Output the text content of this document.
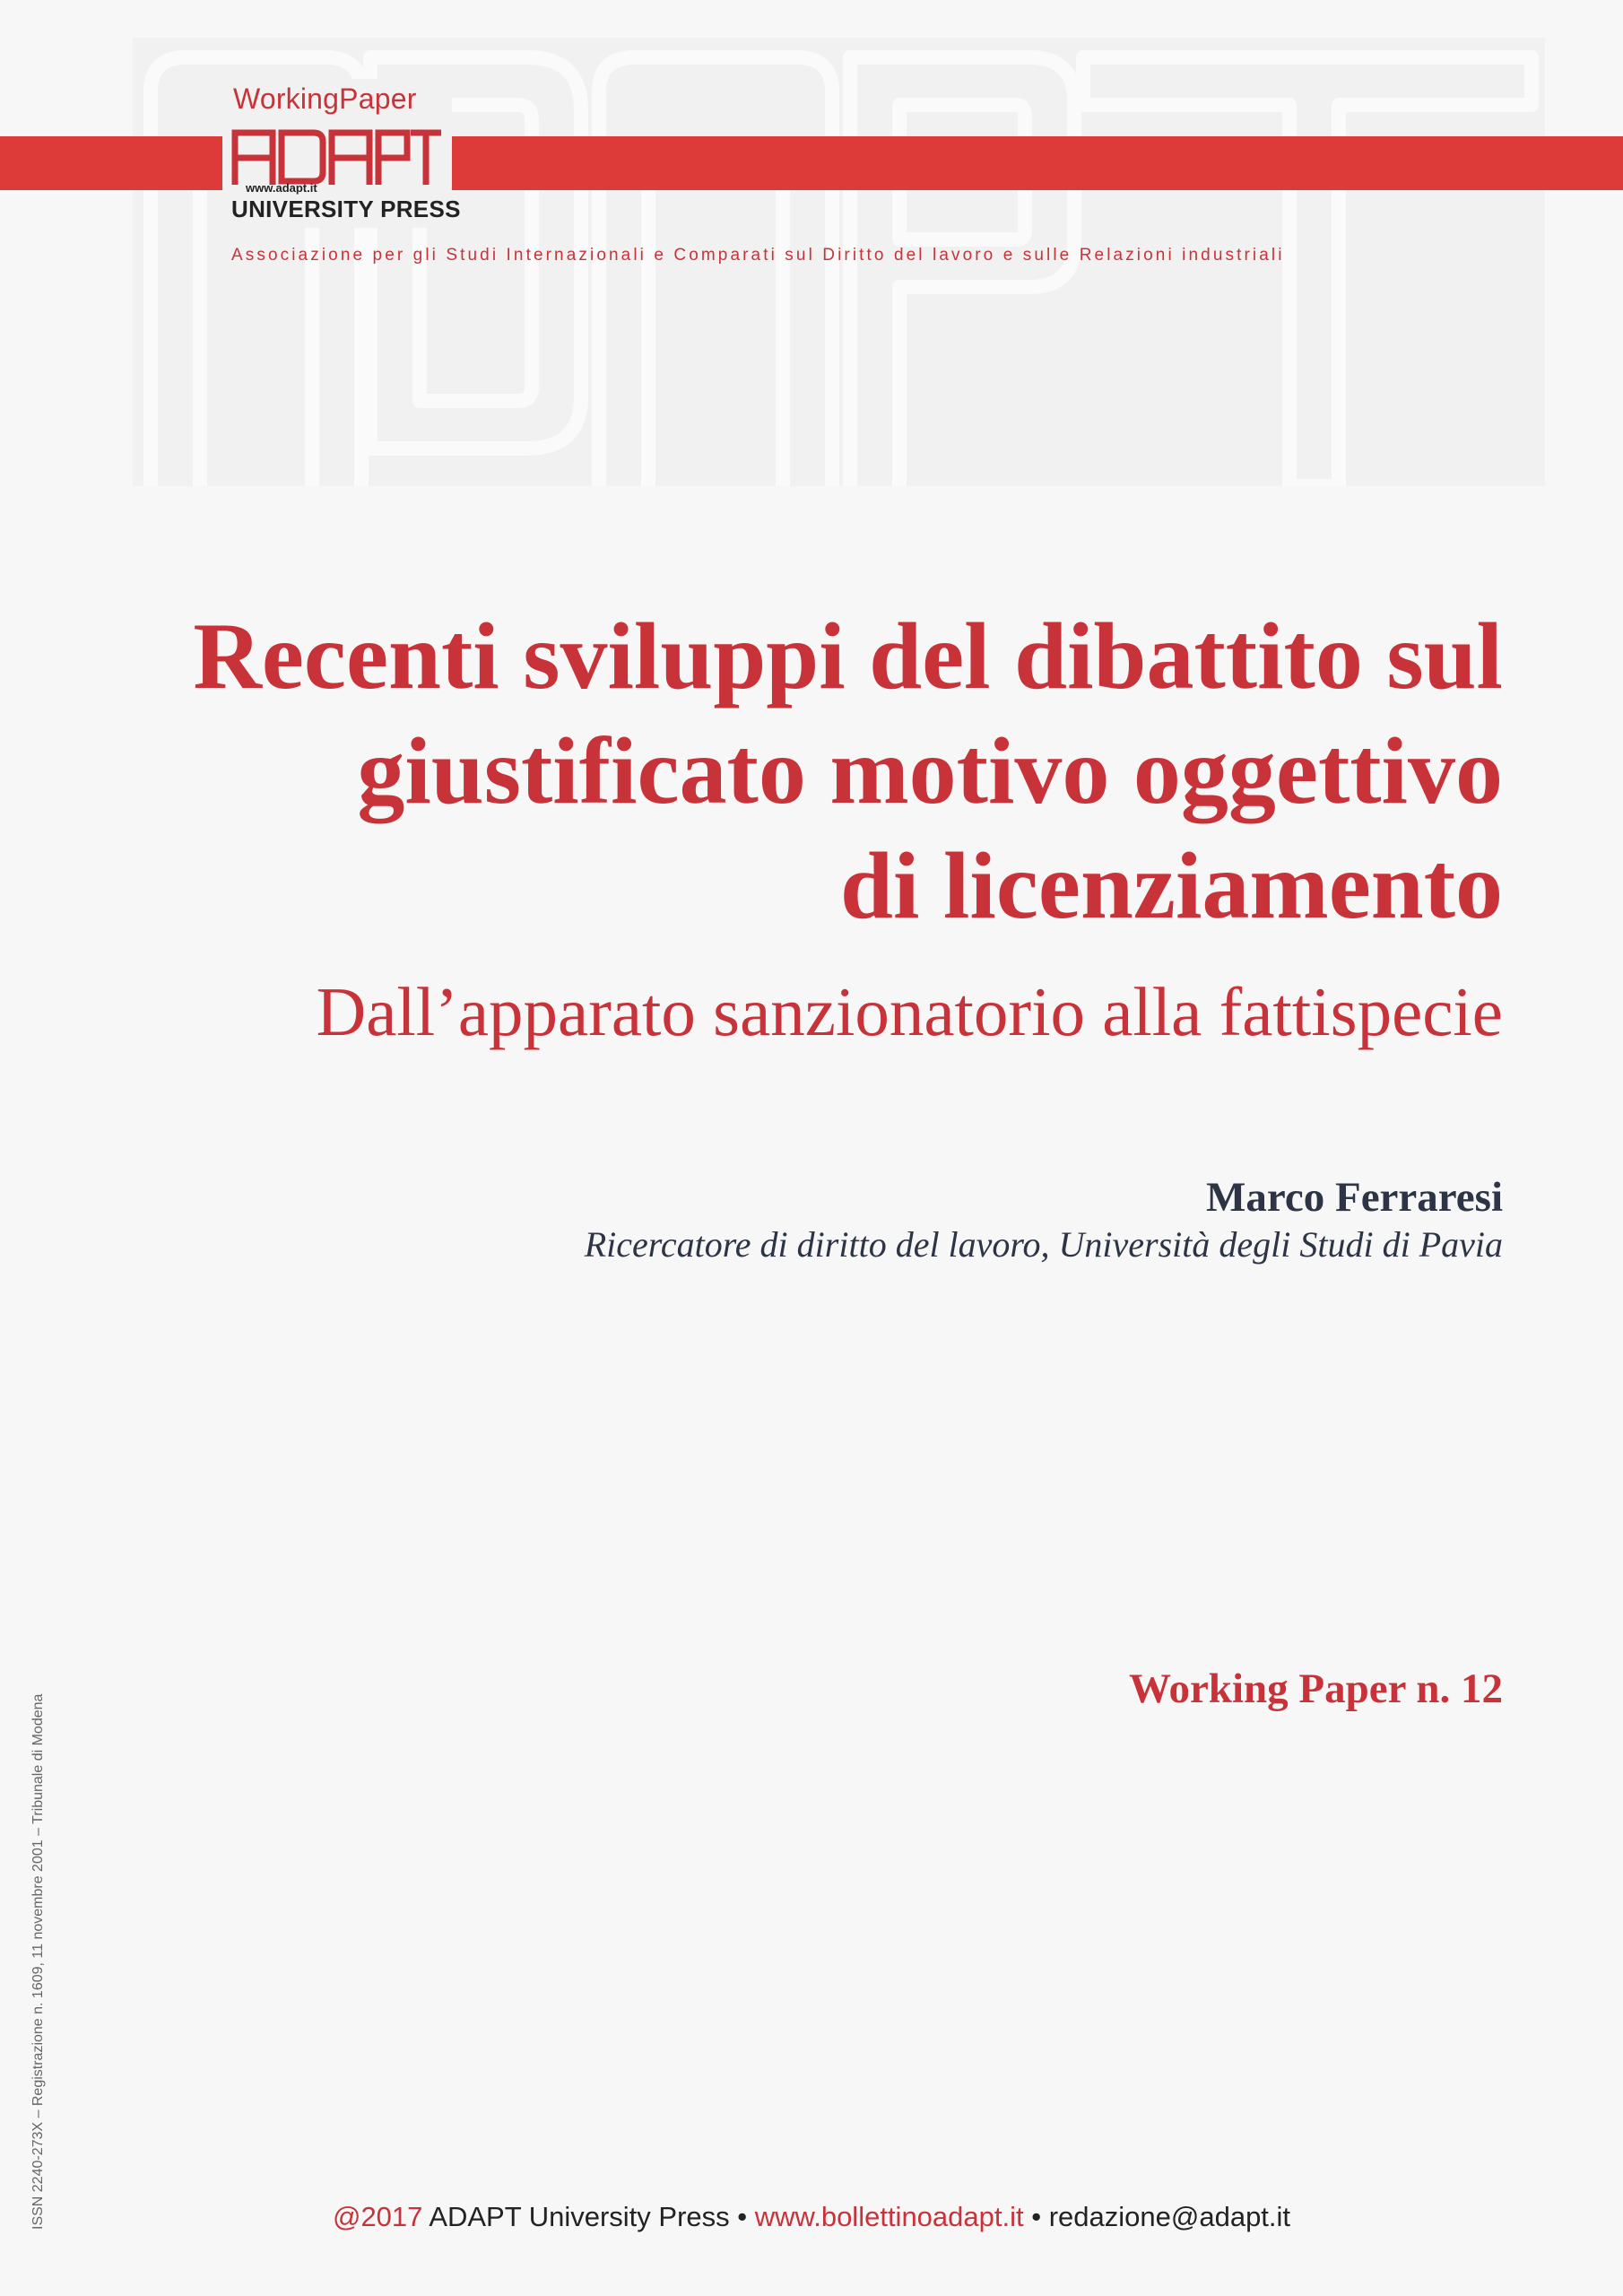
WorkingPaper
www.adapt.it
UNIVERSITY PRESS
Associazione per gli Studi Internazionali e Comparati sul Diritto del lavoro e sulle Relazioni industriali
Recenti sviluppi del dibattito sul
giustificato motivo oggettivo
di licenziamento
Dall’apparato sanzionatorio alla fattispecie
Marco Ferraresi
Ricercatore di diritto del lavoro, Università degli Studi di Pavia
Working Paper n. 12
ISSN 2240-273X – Registrazione n. 1609, 11 novembre 2001 – Tribunale di Modena	@2017 ADAPT University Press • www.bollettinoadapt.it • redazione@adapt.it
